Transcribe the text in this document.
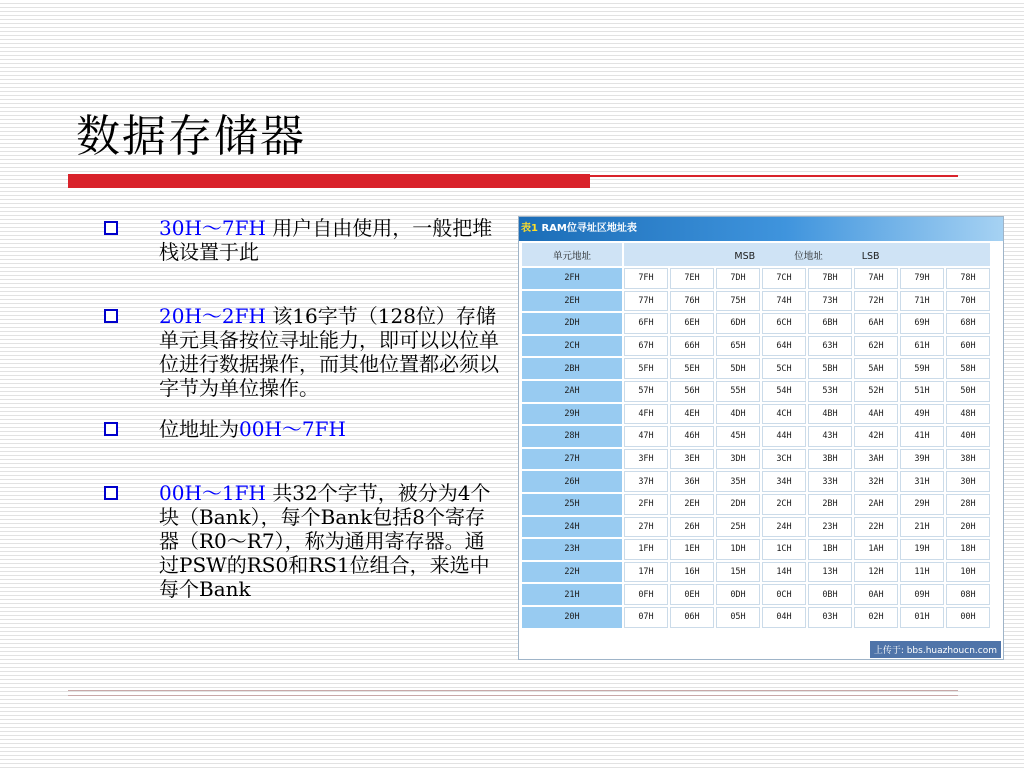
数据存储器
30H～7FH 用户自由使用，一般把堆栈设置于此
20H～2FH 该16字节（128位）存储单元具备按位寻址能力，即可以以位单位进行数据操作，而其他位置都必须以字节为单位操作。
位地址为00H～7FH
00H～1FH 共32个字节，被分为4个块（Bank），每个Bank包括8个寄存器（R0～R7），称为通用寄存器。通过PSW的RS0和RS1位组合，来选中每个Bank
表1 RAM位寻址区地址表
单元地址	MSB 位地址 LSB							
2FH	7FH	7EH	7DH	7CH	7BH	7AH	79H	78H
2EH	77H	76H	75H	74H	73H	72H	71H	70H
2DH	6FH	6EH	6DH	6CH	6BH	6AH	69H	68H
2CH	67H	66H	65H	64H	63H	62H	61H	60H
2BH	5FH	5EH	5DH	5CH	5BH	5AH	59H	58H
2AH	57H	56H	55H	54H	53H	52H	51H	50H
29H	4FH	4EH	4DH	4CH	4BH	4AH	49H	48H
28H	47H	46H	45H	44H	43H	42H	41H	40H
27H	3FH	3EH	3DH	3CH	3BH	3AH	39H	38H
26H	37H	36H	35H	34H	33H	32H	31H	30H
25H	2FH	2EH	2DH	2CH	2BH	2AH	29H	28H
24H	27H	26H	25H	24H	23H	22H	21H	20H
23H	1FH	1EH	1DH	1CH	1BH	1AH	19H	18H
22H	17H	16H	15H	14H	13H	12H	11H	10H
21H	0FH	0EH	0DH	0CH	0BH	0AH	09H	08H
20H	07H	06H	05H	04H	03H	02H	01H	00H
上传于: bbs.huazhoucn.com
